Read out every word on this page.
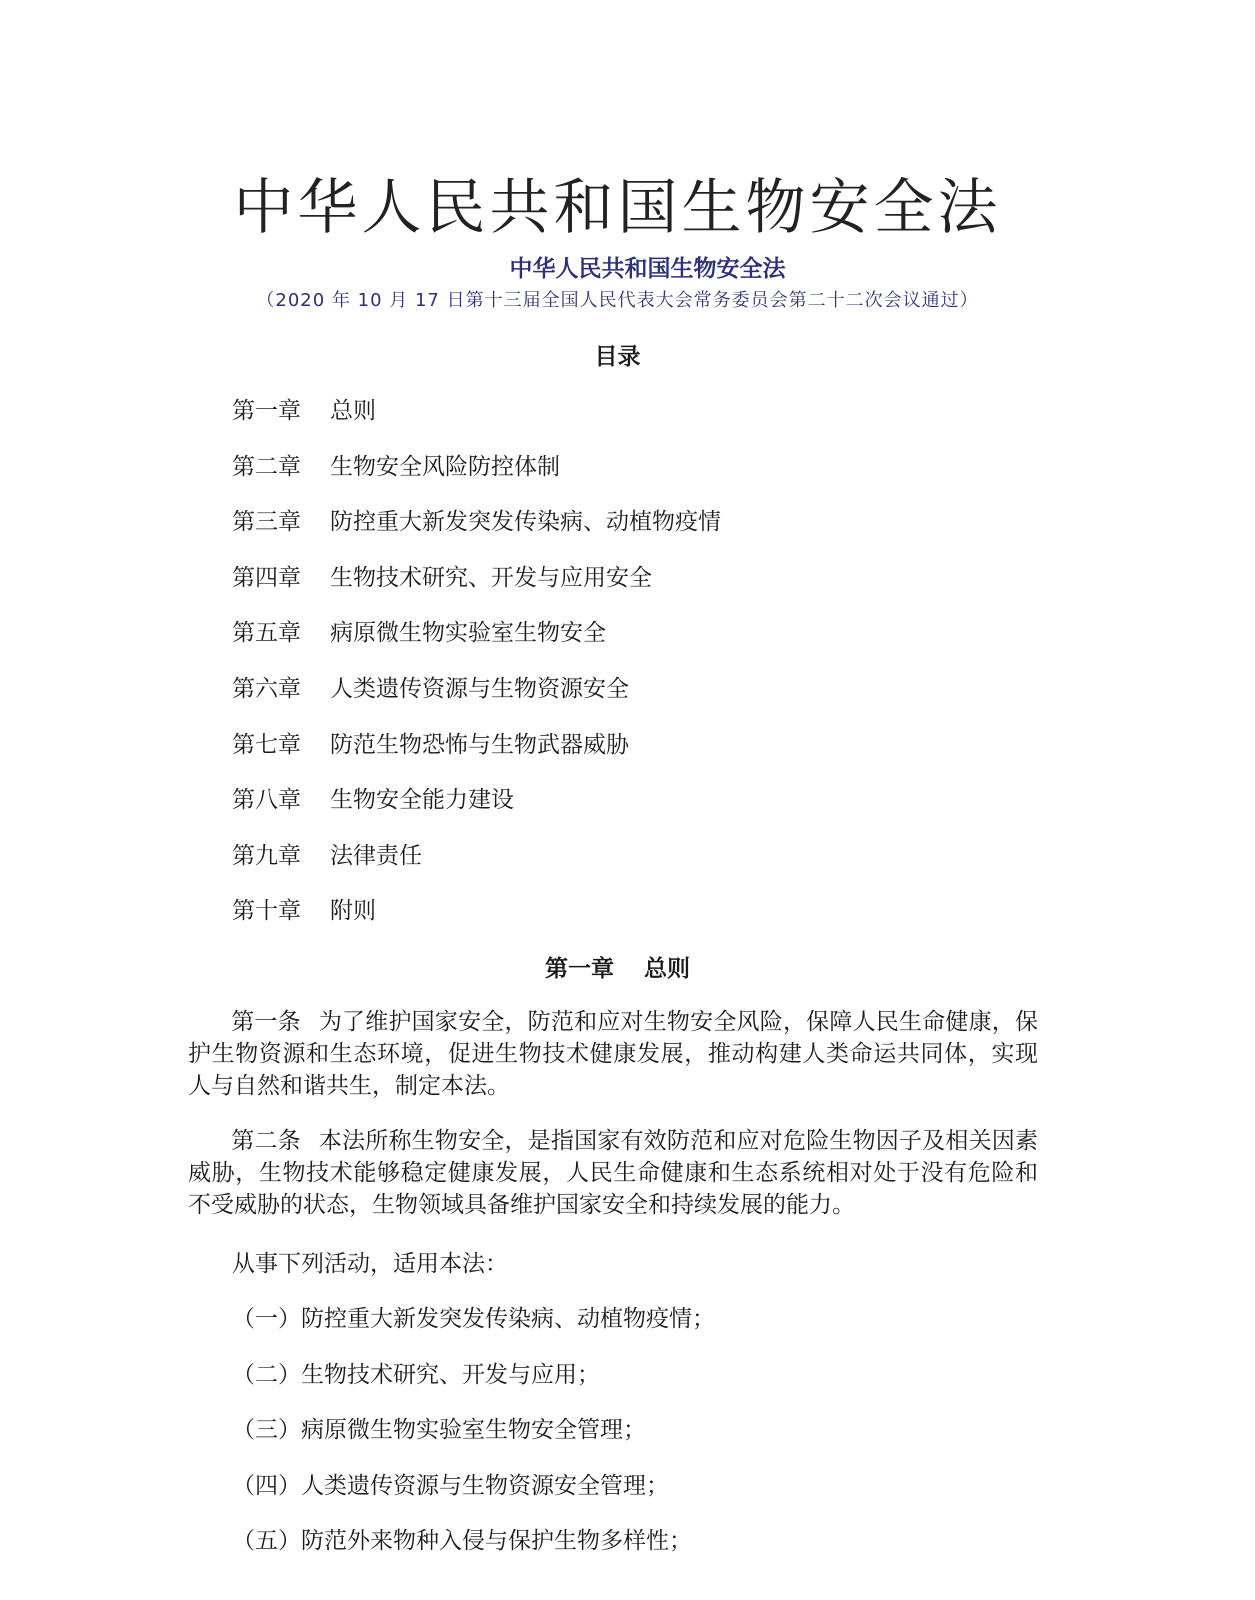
中华人民共和国生物安全法
中华人民共和国生物安全法
（2020 年 10 月 17 日第十三届全国人民代表大会常务委员会第二十二次会议通过）
目录
第一章 总则
第二章 生物安全风险防控体制
第三章 防控重大新发突发传染病、动植物疫情
第四章 生物技术研究、开发与应用安全
第五章 病原微生物实验室生物安全
第六章 人类遗传资源与生物资源安全
第七章 防范生物恐怖与生物武器威胁
第八章 生物安全能力建设
第九章 法律责任
第十章 附则
第一章 总则

第一条 为了维护国家安全，防范和应对生物安全风险，保障人民生命健康，保护生物资源和生态环境，促进生物技术健康发展，推动构建人类命运共同体，实现人与自然和谐共生，制定本法。

第二条 本法所称生物安全，是指国家有效防范和应对危险生物因子及相关因素威胁，生物技术能够稳定健康发展，人民生命健康和生态系统相对处于没有危险和不受威胁的状态，生物领域具备维护国家安全和持续发展的能力。

从事下列活动，适用本法：

（一）防控重大新发突发传染病、动植物疫情；
（二）生物技术研究、开发与应用；
（三）病原微生物实验室生物安全管理；
（四）人类遗传资源与生物资源安全管理；
（五）防范外来物种入侵与保护生物多样性；
